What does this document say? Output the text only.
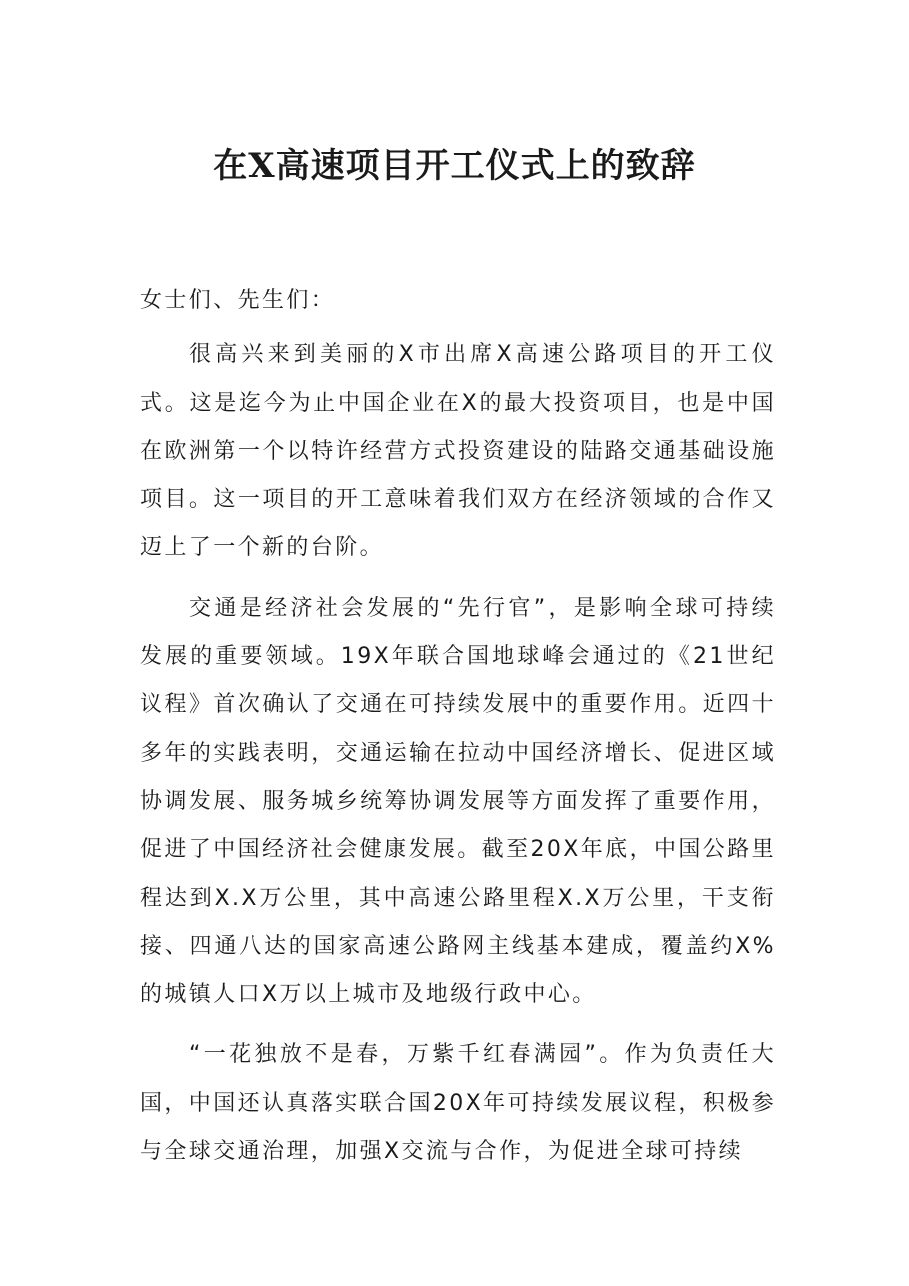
在X高速项目开工仪式上的致辞

女士们、先生们：

很高兴来到美丽的X市出席X高速公路项目的开工仪式。这是迄今为止中国企业在X的最大投资项目，也是中国在欧洲第一个以特许经营方式投资建设的陆路交通基础设施项目。这一项目的开工意味着我们双方在经济领域的合作又迈上了一个新的台阶。

交通是经济社会发展的“先行官”，是影响全球可持续发展的重要领域。19X年联合国地球峰会通过的《21世纪议程》首次确认了交通在可持续发展中的重要作用。近四十多年的实践表明，交通运输在拉动中国经济增长、促进区域协调发展、服务城乡统筹协调发展等方面发挥了重要作用，促进了中国经济社会健康发展。截至20X年底，中国公路里程达到X.X万公里，其中高速公路里程X.X万公里，干支衔接、四通八达的国家高速公路网主线基本建成，覆盖约X%的城镇人口X万以上城市及地级行政中心。

“一花独放不是春，万紫千红春满园”。作为负责任大国，中国还认真落实联合国20X年可持续发展议程，积极参与全球交通治理，加强X交流与合作，为促进全球可持续
